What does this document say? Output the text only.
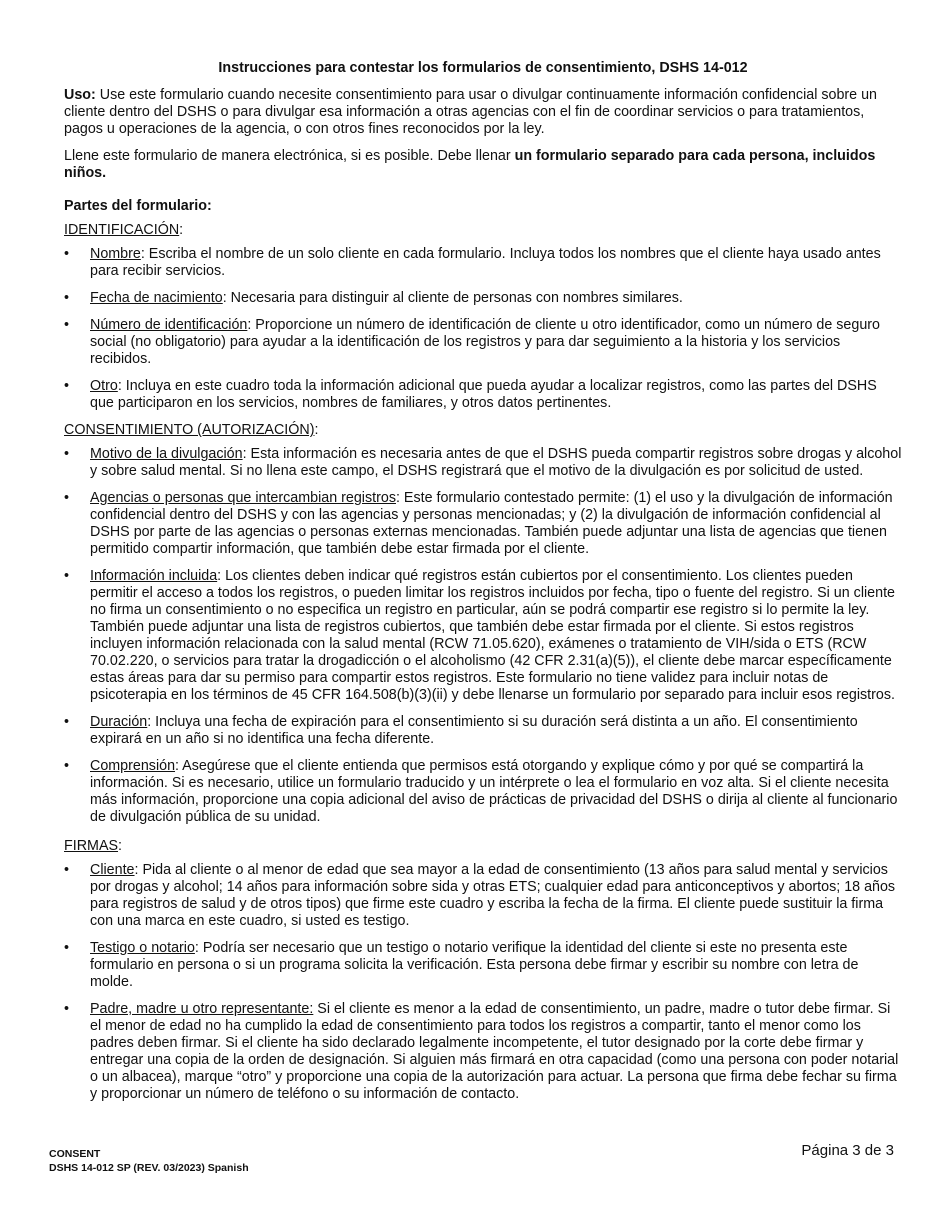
Instrucciones para contestar los formularios de consentimiento, DSHS 14-012

Uso: Use este formulario cuando necesite consentimiento para usar o divulgar continuamente información confidencial sobre un cliente dentro del DSHS o para divulgar esa información a otras agencias con el fin de coordinar servicios o para tratamientos, pagos u operaciones de la agencia, o con otros fines reconocidos por la ley.

Llene este formulario de manera electrónica, si es posible. Debe llenar un formulario separado para cada persona, incluidos niños.

Partes del formulario:
IDENTIFICACIÓN:
• Nombre: Escriba el nombre de un solo cliente en cada formulario. Incluya todos los nombres que el cliente haya usado antes para recibir servicios.
• Fecha de nacimiento: Necesaria para distinguir al cliente de personas con nombres similares.
• Número de identificación: Proporcione un número de identificación de cliente u otro identificador, como un número de seguro social (no obligatorio) para ayudar a la identificación de los registros y para dar seguimiento a la historia y los servicios recibidos.
• Otro: Incluya en este cuadro toda la información adicional que pueda ayudar a localizar registros, como las partes del DSHS que participaron en los servicios, nombres de familiares, y otros datos pertinentes.
CONSENTIMIENTO (AUTORIZACIÓN):
• Motivo de la divulgación: Esta información es necesaria antes de que el DSHS pueda compartir registros sobre drogas y alcohol y sobre salud mental. Si no llena este campo, el DSHS registrará que el motivo de la divulgación es por solicitud de usted.
• Agencias o personas que intercambian registros: Este formulario contestado permite: (1) el uso y la divulgación de información confidencial dentro del DSHS y con las agencias y personas mencionadas; y (2) la divulgación de información confidencial al DSHS por parte de las agencias o personas externas mencionadas. También puede adjuntar una lista de agencias que tienen permitido compartir información, que también debe estar firmada por el cliente.
• Información incluida: Los clientes deben indicar qué registros están cubiertos por el consentimiento. Los clientes pueden permitir el acceso a todos los registros, o pueden limitar los registros incluidos por fecha, tipo o fuente del registro. Si un cliente no firma un consentimiento o no especifica un registro en particular, aún se podrá compartir ese registro si lo permite la ley. También puede adjuntar una lista de registros cubiertos, que también debe estar firmada por el cliente. Si estos registros incluyen información relacionada con la salud mental (RCW 71.05.620), exámenes o tratamiento de VIH/sida o ETS (RCW 70.02.220, o servicios para tratar la drogadicción o el alcoholismo (42 CFR 2.31(a)(5)), el cliente debe marcar específicamente estas áreas para dar su permiso para compartir estos registros. Este formulario no tiene validez para incluir notas de psicoterapia en los términos de 45 CFR 164.508(b)(3)(ii) y debe llenarse un formulario por separado para incluir esos registros.
• Duración: Incluya una fecha de expiración para el consentimiento si su duración será distinta a un año. El consentimiento expirará en un año si no identifica una fecha diferente.
• Comprensión: Asegúrese que el cliente entienda que permisos está otorgando y explique cómo y por qué se compartirá la información. Si es necesario, utilice un formulario traducido y un intérprete o lea el formulario en voz alta. Si el cliente necesita más información, proporcione una copia adicional del aviso de prácticas de privacidad del DSHS o dirija al cliente al funcionario de divulgación pública de su unidad.
FIRMAS:
• Cliente: Pida al cliente o al menor de edad que sea mayor a la edad de consentimiento (13 años para salud mental y servicios por drogas y alcohol; 14 años para información sobre sida y otras ETS; cualquier edad para anticonceptivos y abortos; 18 años para registros de salud y de otros tipos) que firme este cuadro y escriba la fecha de la firma. El cliente puede sustituir la firma con una marca en este cuadro, si usted es testigo.
• Testigo o notario: Podría ser necesario que un testigo o notario verifique la identidad del cliente si este no presenta este formulario en persona o si un programa solicita la verificación. Esta persona debe firmar y escribir su nombre con letra de molde.
• Padre, madre u otro representante: Si el cliente es menor a la edad de consentimiento, un padre, madre o tutor debe firmar. Si el menor de edad no ha cumplido la edad de consentimiento para todos los registros a compartir, tanto el menor como los padres deben firmar. Si el cliente ha sido declarado legalmente incompetente, el tutor designado por la corte debe firmar y entregar una copia de la orden de designación. Si alguien más firmará en otra capacidad (como una persona con poder notarial o un albacea), marque “otro” y proporcione una copia de la autorización para actuar. La persona que firma debe fechar su firma y proporcionar un número de teléfono o su información de contacto.
CONSENT
DSHS 14-012 SP (REV. 03/2023) Spanish
Página 3 de 3
